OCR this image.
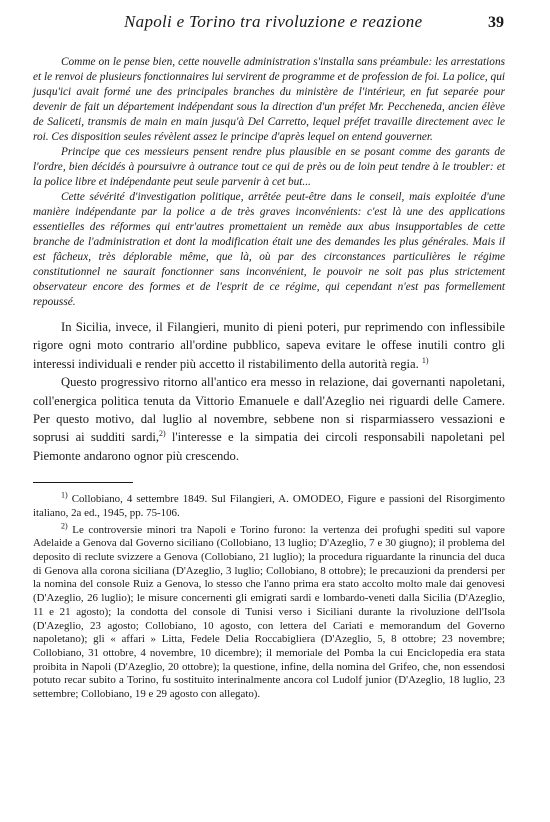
Napoli e Torino tra rivoluzione e reazione	39

Comme on le pense bien, cette nouvelle administration s'installa sans préambule: les arrestations et le renvoi de plusieurs fonctionnaires lui servirent de programme et de profession de foi. La police, qui jusqu'ici avait formé une des principales branches du ministère de l'intérieur, en fut separée pour devenir de fait un département indépendant sous la direction d'un préfet Mr. Peccheneda, ancien élève de Saliceti, transmis de main en main jusqu'à Del Carretto, lequel préfet travaille directement avec le roi. Ces disposition seules révèlent assez le principe d'après lequel on entend gouverner.

Principe que ces messieurs pensent rendre plus plausible en se posant comme des garants de l'ordre, bien décidés à poursuivre à outrance tout ce qui de près ou de loin peut tendre à le troubler: et la police libre et indépendante peut seule parvenir à cet but...

Cette sévérité d'investigation politique, arrêtée peut-être dans le conseil, mais exploitée d'une manière indépendante par la police a de très graves inconvénients: c'est là une des applications essentielles des réformes qui entr'autres promettaient un remède aux abus insupportables de cette branche de l'administration et dont la modification était une des demandes les plus générales. Mais il est fâcheux, très déplorable même, que là, où par des circonstances particulières le régime constitutionnel ne saurait fonctionner sans inconvénient, le pouvoir ne soit pas plus strictement observateur encore des formes et de l'esprit de ce régime, qui cependant n'est pas formellement repoussé.

In Sicilia, invece, il Filangieri, munito di pieni poteri, pur reprimendo con inflessibile rigore ogni moto contrario all'ordine pubblico, sapeva evitare le offese inutili contro gli interessi individuali e render più accetto il ristabilimento della autorità regia. $^{1)}$

Questo progressivo ritorno all'antico era messo in relazione, dai governanti napoletani, coll'energica politica tenuta da Vittorio Emanuele e dall'Azeglio nei riguardi delle Camere. Per questo motivo, dal luglio al novembre, sebbene non si risparmiassero vessazioni e soprusi ai sudditi sardi,$^{2)}$ l'interesse e la simpatia dei circoli responsabili napoletani pel Piemonte andarono ognor più crescendo.

$^{1)}$ Collobiano, 4 settembre 1849. Sul Filangieri, A. OMODEO, Figure e passioni del Risorgimento italiano, 2a ed., 1945, pp. 75-106.

$^{2)}$ Le controversie minori tra Napoli e Torino furono: la vertenza dei profughi spediti sul vapore Adelaide a Genova dal Governo siciliano (Collobiano, 13 luglio; D'Azeglio, 7 e 30 giugno); il problema del deposito di reclute svizzere a Genova (Collobiano, 21 luglio); la procedura riguardante la rinuncia del duca di Genova alla corona siciliana (D'Azeglio, 3 luglio; Collobiano, 8 ottobre); le precauzioni da prendersi per la nomina del console Ruiz a Genova, lo stesso che l'anno prima era stato accolto molto male dai genovesi (D'Azeglio, 26 luglio); le misure concernenti gli emigrati sardi e lombardo-veneti dalla Sicilia (D'Azeglio, 11 e 21 agosto); la condotta del console di Tunisi verso i Siciliani durante la rivoluzione dell'Isola (D'Azeglio, 23 agosto; Collobiano, 10 agosto, con lettera del Cariati e memorandum del Governo napoletano); gli « affari » Litta, Fedele Delia Roccabigliera (D'Azeglio, 5, 8 ottobre; 23 novembre; Collobiano, 31 ottobre, 4 novembre, 10 dicembre); il memoriale del Pomba la cui Enciclopedia era stata proibita in Napoli (D'Azeglio, 20 ottobre); la questione, infine, della nomina del Grifeo, che, non essendosi potuto recar subito a Torino, fu sostituito interinalmente ancora col Ludolf junior (D'Azeglio, 18 luglio, 23 settembre; Collobiano, 19 e 29 agosto con allegato).
